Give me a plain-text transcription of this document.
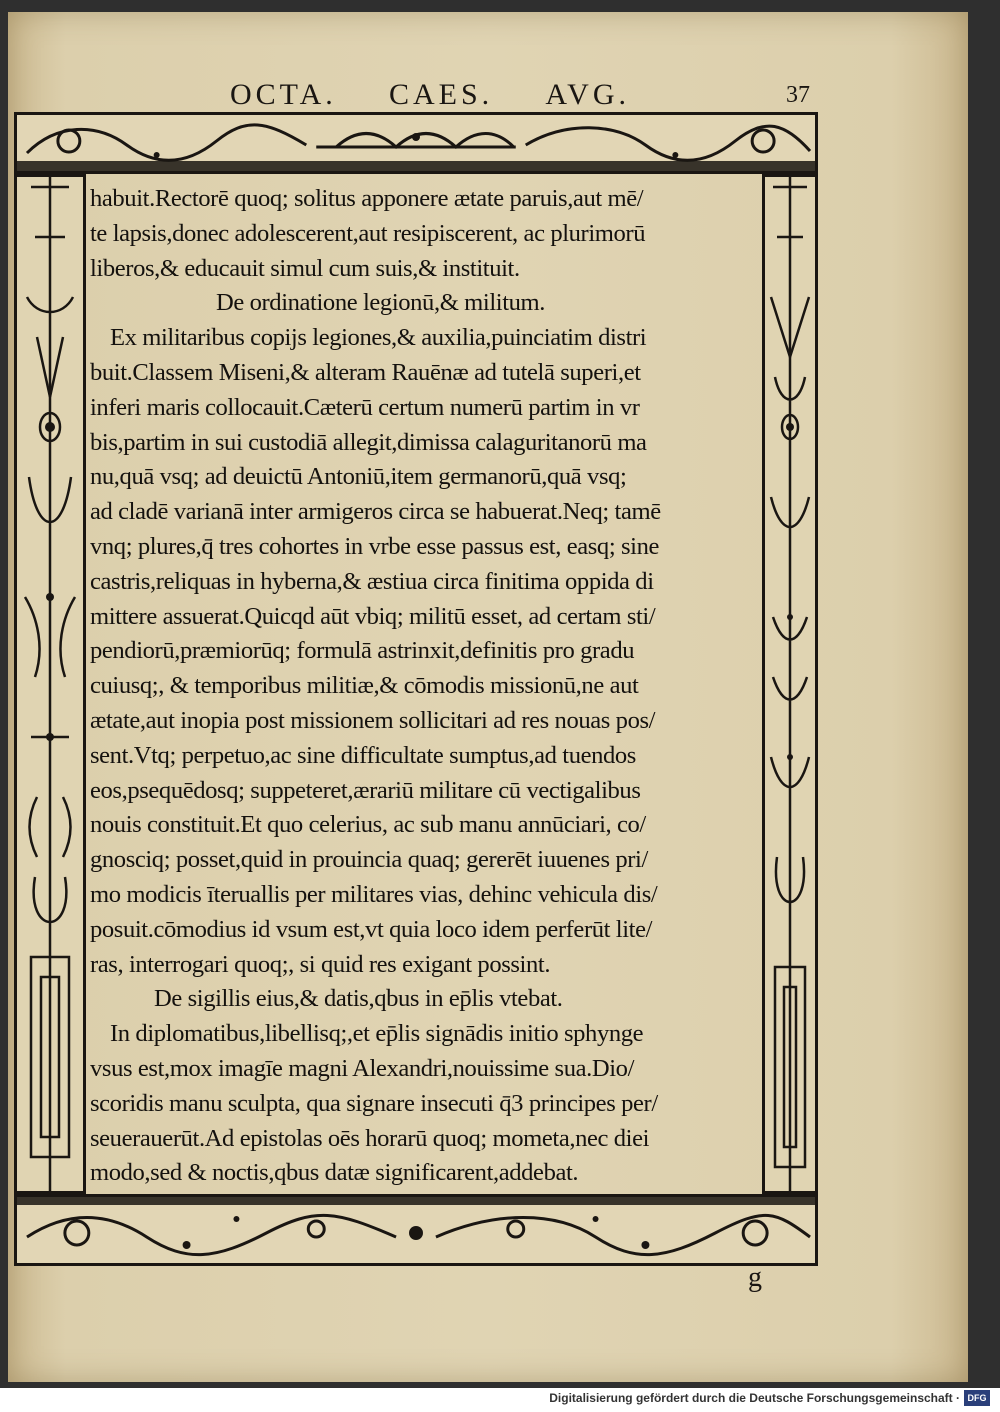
OCTA. CAES. AVG.	37
habuit.Rectorē quoq; solitus apponere ætate paruis,aut mē/
te lapsis,donec adolescerent,aut resipiscerent, ac plurimorū
liberos,& educauit simul cum suis,& instituit.
De ordinatione legionū,& militum.
Ex militaribus copijs legiones,& auxilia,puinciatim distri
buit.Classem Miseni,& alteram Rauēnæ ad tutelā superi,et
inferi maris collocauit.Cæterū certum numerū partim in vr
bis,partim in sui custodiā allegit,dimissa calaguritanorū ma
nu,quā vsq; ad deuictū Antoniū,item germanorū,quā vsq;
ad cladē varianā inter armigeros circa se habuerat.Neq; tamē
vnq; plures,q̄ tres cohortes in vrbe esse passus est, easq; sine
castris,reliquas in hyberna,& æstiua circa finitima oppida di
mittere assuerat.Quicqd aūt vbiq; militū esset, ad certam sti/
pendiorū,præmiorūq; formulā astrinxit,definitis pro gradu
cuiusq;, & temporibus militiæ,& cōmodis missionū,ne aut
ætate,aut inopia post missionem sollicitari ad res nouas pos/
sent.Vtq; perpetuo,ac sine difficultate sumptus,ad tuendos
eos,psequēdosq; suppeteret,ærariū militare cū vectigalibus
nouis constituit.Et quo celerius, ac sub manu annūciari, co/
gnosciq; posset,quid in prouincia quaq; gererēt iuuenes pri/
mo modicis īteruallis per militares vias, dehinc vehicula dis/
posuit.cōmodius id vsum est,vt quia loco idem perferūt lite/
ras, interrogari quoq;, si quid res exigant possint.
De sigillis eius,& datis,qbus in ep̄lis vtebat.
In diplomatibus,libellisq;,et ep̄lis signādis initio sphynge
vsus est,mox imagīe magni Alexandri,nouissime sua.Dio/
scoridis manu sculpta, qua signare insecuti q̄3 principes per/
seuerauerūt.Ad epistolas oēs horarū quoq; mometa,nec diei
modo,sed & noctis,qbus datæ significarent,addebat.
g
Digitalisierung gefördert durch die Deutsche Forschungsgemeinschaft · DFG
